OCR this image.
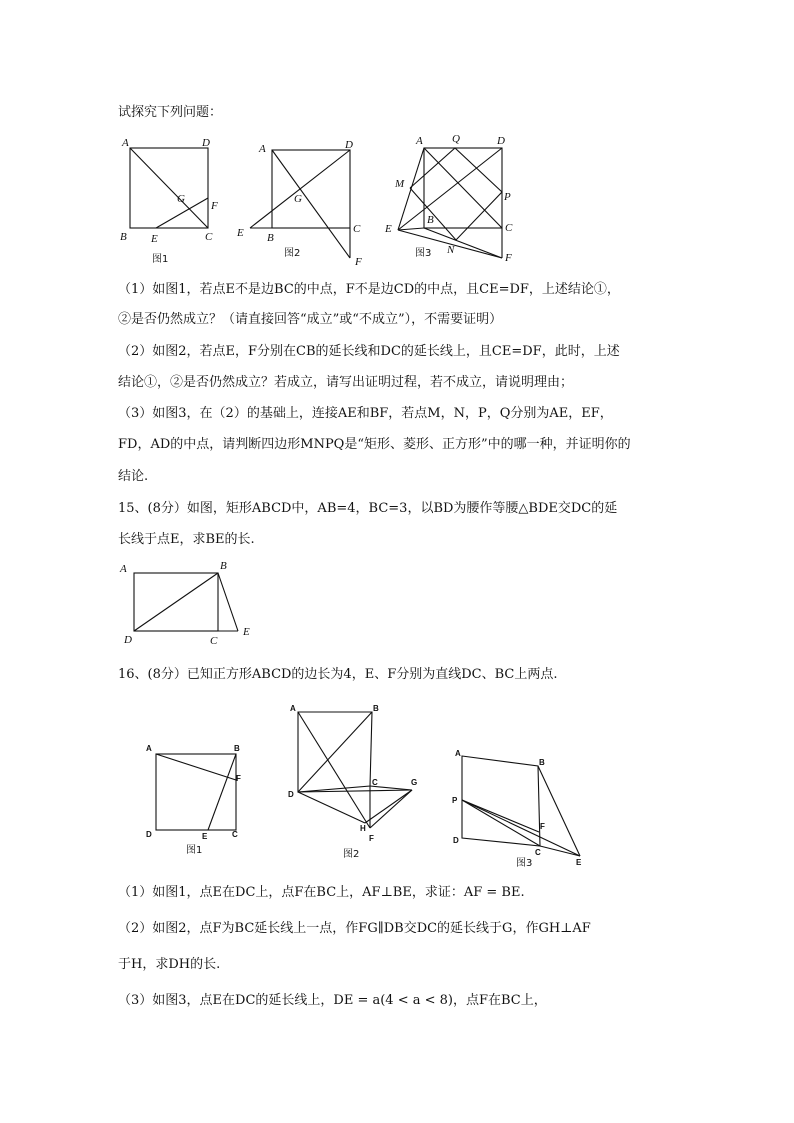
试探究下列问题：
A	D
B	C
E
F
G
图1
A	D
E B
C
F
G
图2
A	Q	D
M
P
B
C
E
N
F
图3
（1）如图1，若点E不是边BC的中点，F不是边CD的中点，且CE=DF，上述结论①，
②是否仍然成立？（请直接回答“成立”或“不成立”），不需要证明）
（2）如图2，若点E，F分别在CB的延长线和DC的延长线上，且CE=DF，此时，上述
结论①，②是否仍然成立？若成立，请写出证明过程，若不成立，请说明理由；
（3）如图3，在（2）的基础上，连接AE和BF，若点M，N，P，Q分别为AE，EF，
FD，AD的中点，请判断四边形MNPQ是“矩形、菱形、正方形”中的哪一种，并证明你的
结论.
15、(8分）如图，矩形ABCD中，AB=4，BC=3，以BD为腰作等腰△BDE交DC的延
长线于点E，求BE的长.
A	B
C
D
E
16、(8分）已知正方形ABCD的边长为4，E、F分别为直线DC、BC上两点.
A	B
F
D	E	C
图1
A	B
C	G
D
H
F
图2
A
B
P
F
D
C
E
图3
（1）如图1，点E在DC上，点F在BC上，AF⊥BE，求证：AF = BE.
（2）如图2，点F为BC延长线上一点，作FG∥DB交DC的延长线于G，作GH⊥AF
于H，求DH的长.
（3）如图3，点E在DC的延长线上，DE = a(4 < a < 8)，点F在BC上，
